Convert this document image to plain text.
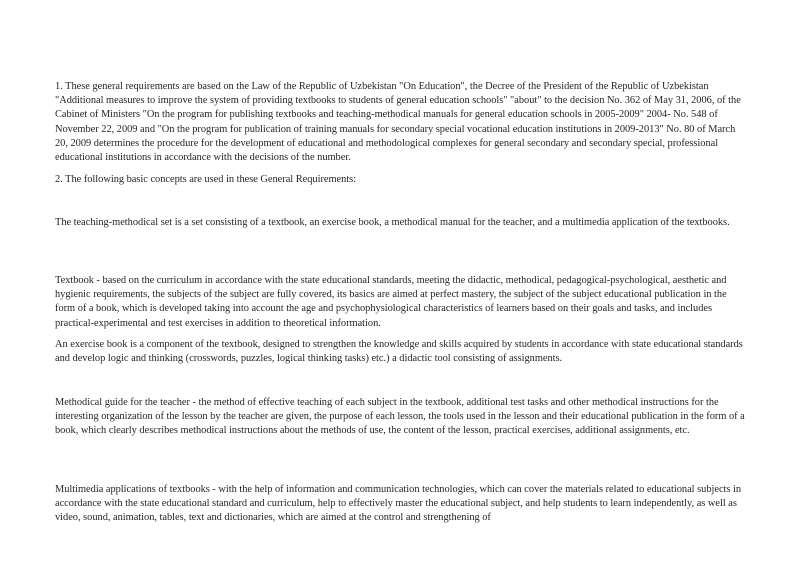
1. These general requirements are based on the Law of the Republic of Uzbekistan "On Education", the Decree of the President of the Republic of Uzbekistan "Additional measures to improve the system of providing textbooks to students of general education schools" "about" to the decision No. 362 of May 31, 2006, of the Cabinet of Ministers "On the program for publishing textbooks and teaching-methodical manuals for general education schools in 2005-2009" 2004- No. 548 of November 22, 2009 and "On the program for publication of training manuals for secondary special vocational education institutions in 2009-2013" No. 80 of March 20, 2009 determines the procedure for the development of educational and methodological complexes for general secondary and secondary special, professional educational institutions in accordance with the decisions of the number.

2. The following basic concepts are used in these General Requirements:

The teaching-methodical set is a set consisting of a textbook, an exercise book, a methodical manual for the teacher, and a multimedia application of the textbooks.

Textbook - based on the curriculum in accordance with the state educational standards, meeting the didactic, methodical, pedagogical-psychological, aesthetic and hygienic requirements, the subjects of the subject are fully covered, its basics are aimed at perfect mastery, the subject of the subject educational publication in the form of a book, which is developed taking into account the age and psychophysiological characteristics of learners based on their goals and tasks, and includes practical-experimental and test exercises in addition to theoretical information.

An exercise book is a component of the textbook, designed to strengthen the knowledge and skills acquired by students in accordance with state educational standards and develop logic and thinking (crosswords, puzzles, logical thinking tasks) etc.) a didactic tool consisting of assignments.

Methodical guide for the teacher - the method of effective teaching of each subject in the textbook, additional test tasks and other methodical instructions for the interesting organization of the lesson by the teacher are given, the purpose of each lesson, the tools used in the lesson and their educational publication in the form of a book, which clearly describes methodical instructions about the methods of use, the content of the lesson, practical exercises, additional assignments, etc.

Multimedia applications of textbooks - with the help of information and communication technologies, which can cover the materials related to educational subjects in accordance with the state educational standard and curriculum, help to effectively master the educational subject, and help students to learn independently, as well as video, sound, animation, tables, text and dictionaries, which are aimed at the control and strengthening of
